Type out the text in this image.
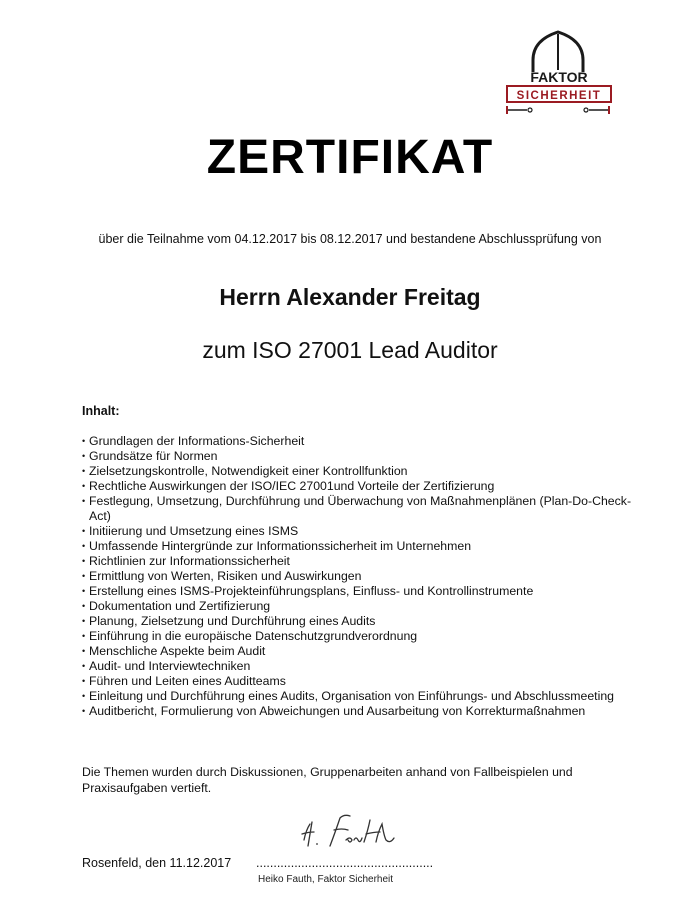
FAKTOR
SICHERHEIT
ZERTIFIKAT
über die Teilnahme vom 04.12.2017 bis 08.12.2017 und bestandene Abschlussprüfung von
Herrn Alexander Freitag
zum ISO 27001 Lead Auditor
Inhalt:
• Grundlagen der Informations-Sicherheit
• Grundsätze für Normen
• Zielsetzungskontrolle, Notwendigkeit einer Kontrollfunktion
• Rechtliche Auswirkungen der ISO/IEC 27001und Vorteile der Zertifizierung
• Festlegung, Umsetzung, Durchführung und Überwachung von Maßnahmenplänen (Plan-Do-Check-Act)
• Initiierung und Umsetzung eines ISMS
• Umfassende Hintergründe zur Informationssicherheit im Unternehmen
• Richtlinien zur Informationssicherheit
• Ermittlung von Werten, Risiken und Auswirkungen
• Erstellung eines ISMS-Projekteinführungsplans, Einfluss- und Kontrollinstrumente
• Dokumentation und Zertifizierung
• Planung, Zielsetzung und Durchführung eines Audits
• Einführung in die europäische Datenschutzgrundverordnung
• Menschliche Aspekte beim Audit
• Audit- und Interviewtechniken
• Führen und Leiten eines Auditteams
• Einleitung und Durchführung eines Audits, Organisation von Einführungs- und Abschlussmeeting
• Auditbericht, Formulierung von Abweichungen und Ausarbeitung von Korrekturmaßnahmen
Die Themen wurden durch Diskussionen, Gruppenarbeiten anhand von Fallbeispielen und Praxisaufgaben vertieft.
Rosenfeld, den 11.12.2017 ...................................................
Heiko Fauth, Faktor Sicherheit
